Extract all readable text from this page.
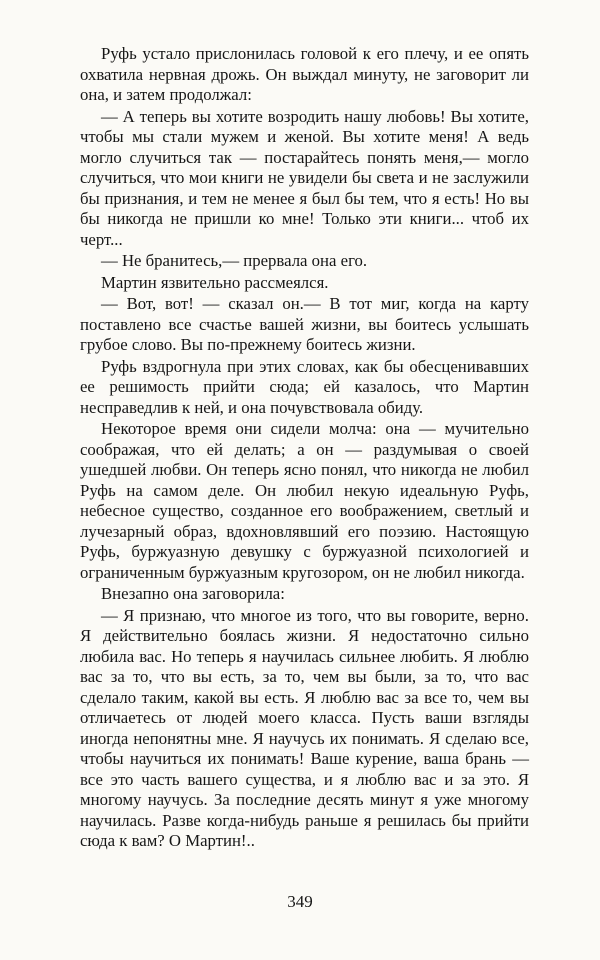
Руфь устало прислонилась головой к его плечу, и ее опять охватила нервная дрожь. Он выждал минуту, не заговорит ли она, и затем продолжал:

— А теперь вы хотите возродить нашу любовь! Вы хотите, чтобы мы стали мужем и женой. Вы хотите меня! А ведь могло случиться так — постарайтесь понять меня,— могло случиться, что мои книги не увидели бы света и не заслужили бы признания, и тем не менее я был бы тем, что я есть! Но вы бы никогда не пришли ко мне! Только эти книги... чтоб их черт...

— Не бранитесь,— прервала она его.

Мартин язвительно рассмеялся.

— Вот, вот! — сказал он.— В тот миг, когда на карту поставлено все счастье вашей жизни, вы боитесь услышать грубое слово. Вы по-прежнему боитесь жизни.

Руфь вздрогнула при этих словах, как бы обесценивавших ее решимость прийти сюда; ей казалось, что Мартин несправедлив к ней, и она почувствовала обиду.

Некоторое время они сидели молча: она — мучительно соображая, что ей делать; а он — раздумывая о своей ушедшей любви. Он теперь ясно понял, что никогда не любил Руфь на самом деле. Он любил некую идеальную Руфь, небесное существо, созданное его воображением, светлый и лучезарный образ, вдохновлявший его поэзию. Настоящую Руфь, буржуазную девушку с буржуазной психологией и ограниченным буржуазным кругозором, он не любил никогда.

Внезапно она заговорила:

— Я признаю, что многое из того, что вы говорите, верно. Я действительно боялась жизни. Я недостаточно сильно любила вас. Но теперь я научилась сильнее любить. Я люблю вас за то, что вы есть, за то, чем вы были, за то, что вас сделало таким, какой вы есть. Я люблю вас за все то, чем вы отличаетесь от людей моего класса. Пусть ваши взгляды иногда непонятны мне. Я научусь их понимать. Я сделаю все, чтобы научиться их понимать! Ваше курение, ваша брань — все это часть вашего существа, и я люблю вас и за это. Я многому научусь. За последние десять минут я уже многому научилась. Разве когда-нибудь раньше я решилась бы прийти сюда к вам? О Мартин!..

349
